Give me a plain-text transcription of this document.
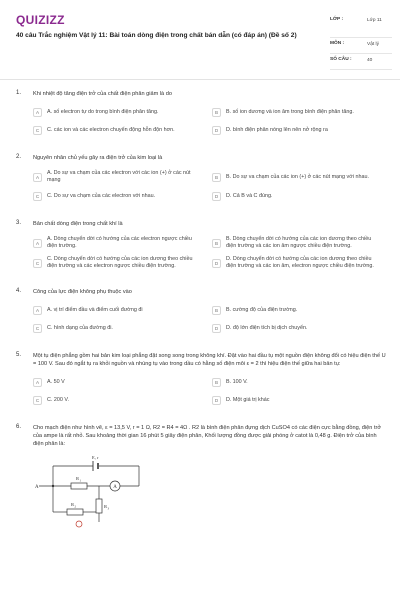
QUIZIZZ
40 câu Trắc nghiệm Vật lý 11: Bài toán dòng điện trong chất bán dẫn (có đáp án) (Đề số 2)
LỚP :	Lớp 11
MÔN :	Vật lý
SỐ CÂU :	40
1. Khi nhiệt độ tăng điện trở của chất điện phân giảm là do
A	A. số electron tự do trong bình điện phân tăng.	B	B. số ion dương và ion âm trong bình điện phân tăng.
C	C. các ion và các electron chuyển động hỗn độn hơn.	D	D. bình điện phân nóng lên nên nở rộng ra
2. Nguyên nhân chủ yếu gây ra điện trở của kim loại là
A
A. Do sự va chạm của các electron với các ion (+) ở các nút mạng	B	B. Do sự va chạm của các ion (+) ở các nút mạng với nhau.
C	C. Do sự va chạm của các electron với nhau.	D	D. Cả B và C đúng.
3. Bản chất dòng điện trong chất khí là
A
A. Dòng chuyển dời có hướng của các electron ngược chiều điện trường.	B
B. Dòng chuyển dời có hướng của các ion dương theo chiều điện trường và các ion âm ngược chiều điện trường.
C
C. Dòng chuyển dời có hướng của các ion dương theo chiều điện trường và các electron ngược chiều điện trường.	D
D. Dòng chuyển dời có hướng của các ion dương theo chiều điện trường và các ion âm, electron ngược chiều điện trường.
4. Công của lực điện không phụ thuộc vào
A	A. vị trí điểm đầu và điểm cuối đường đi	B	B. cường độ của điện trường.
C	C. hình dạng của đường đi.	D	D. độ lớn điện tích bị dịch chuyển.
5. Một tụ điện phẳng gồm hai bản kim loại phẳng đặt song song trong không khí. Đặt vào hai đầu tụ một nguồn điện không đổi có hiệu điện thế U = 100 V. Sau đó ngắt tụ ra khỏi nguồn và nhúng tụ vào trong dầu có hằng số điện môi ε = 2 thì hiệu điện thế giữa hai bản tụ:
A	A. 50 V	B	B. 100 V.
C	C. 200 V.	D	D. Một giá trị khác
6. Cho mạch điện như hình vẽ, ε = 13,5 V, r = 1 Ω, R2 = R4 = 4Ω . R2 là bình điện phân đựng dịch CuSO4 có các điện cực bằng đồng, điện trở của ampe là rất nhỏ. Sau khoảng thời gian 16 phút 5 giây điện phân, Khối lượng đồng được giải phóng ở catot là 0,48 g. Điện trở của bình điện phân là:
E, r
A
R 1
A
R 2	R 3
